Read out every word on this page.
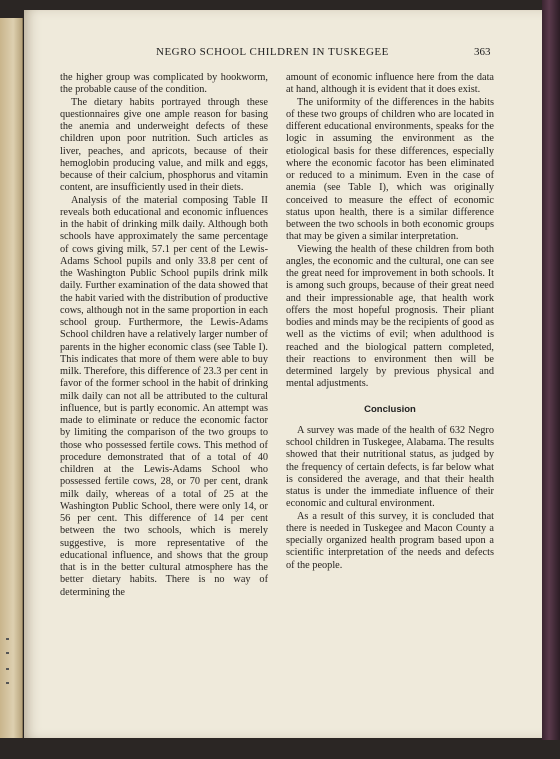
NEGRO SCHOOL CHILDREN IN TUSKEGEE	363

the higher group was complicated by hookworm, the probable cause of the condition.

The dietary habits portrayed through these questionnaires give one ample reason for basing the anemia and underweight defects of these children upon poor nutrition. Such articles as liver, peaches, and apricots, because of their hemoglobin producing value, and milk and eggs, because of their calcium, phosphorus and vitamin content, are insufficiently used in their diets.

Analysis of the material composing Table II reveals both educational and economic influences in the habit of drinking milk daily. Although both schools have approximately the same percentage of cows giving milk, 57.1 per cent of the Lewis-Adams School pupils and only 33.8 per cent of the Washington Public School pupils drink milk daily. Further examination of the data showed that the habit varied with the distribution of productive cows, although not in the same proportion in each school group. Furthermore, the Lewis-Adams School children have a relatively larger number of parents in the higher economic class (see Table I). This indicates that more of them were able to buy milk. Therefore, this difference of 23.3 per cent in favor of the former school in the habit of drinking milk daily can not all be attributed to the cultural influence, but is partly economic. An attempt was made to eliminate or reduce the economic factor by limiting the comparison of the two groups to those who possessed fertile cows. This method of procedure demonstrated that of a total of 40 children at the Lewis-Adams School who possessed fertile cows, 28, or 70 per cent, drank milk daily, whereas of a total of 25 at the Washington Public School, there were only 14, or 56 per cent. This difference of 14 per cent between the two schools, which is merely suggestive, is more representative of the educational influence, and shows that the group that is in the better cultural atmosphere has the better dietary habits. There is no way of determining the

amount of economic influence here from the data at hand, although it is evident that it does exist.

The uniformity of the differences in the habits of these two groups of children who are located in different educational environments, speaks for the logic in assuming the environment as the etiological basis for these differences, especially where the economic facotor has been eliminated or reduced to a minimum. Even in the case of anemia (see Table I), which was originally conceived to measure the effect of economic status upon health, there is a similar difference between the two schools in both economic groups that may be given a similar interpretation.

Viewing the health of these children from both angles, the economic and the cultural, one can see the great need for improvement in both schools. It is among such groups, because of their great need and their impressionable age, that health work offers the most hopeful prognosis. Their pliant bodies and minds may be the recipients of good as well as the victims of evil; when adulthood is reached and the biological pattern completed, their reactions to environment then will be determined largely by previous physical and mental adjustments.

Conclusion

A survey was made of the health of 632 Negro school children in Tuskegee, Alabama. The results showed that their nutritional status, as judged by the frequency of certain defects, is far below what is considered the average, and that their health status is under the immediate influence of their economic and cultural environment.

As a result of this survey, it is concluded that there is needed in Tuskegee and Macon County a specially organized health program based upon a scientific interpretation of the needs and defects of the people.
